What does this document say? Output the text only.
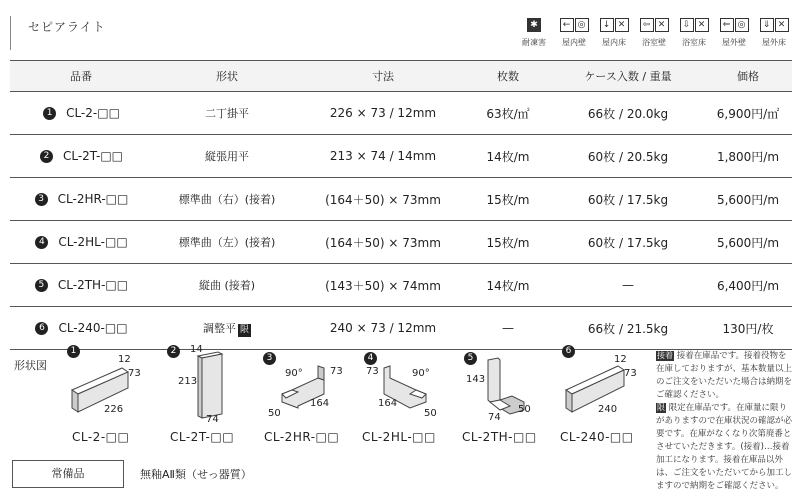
セピアライト	✱
耐凍害
← ◎
屋内壁
↓ ✕
屋内床
⇦ ✕
浴室壁
⇩ ✕
浴室床
⇐ ◎
屋外壁
⇓ ✕
屋外床
品番	形状	寸法	枚数	ケース入数 / 重量	価格
1 CL-2-□□	二丁掛平	226 × 73 / 12mm	63枚/㎡	66枚 / 20.0kg	6,900円/㎡
2 CL-2T-□□	縦張用平	213 × 74 / 14mm	14枚/m	60枚 / 20.5kg	1,800円/m
3 CL-2HR-□□	標準曲（右）(接着)	(164＋50) × 73mm	15枚/m	60枚 / 17.5kg	5,600円/m
4 CL-2HL-□□	標準曲（左）(接着)	(164＋50) × 73mm	15枚/m	60枚 / 17.5kg	5,600円/m
5 CL-2TH-□□	縦曲 (接着)	(143＋50) × 74mm	14枚/m	—	6,400円/m
6 CL-240-□□	調整平 限	240 × 73 / 12mm	—	66枚 / 21.5kg	130円/枚
形状図
1
12
73
226
CL-2-□□
2	14
213
74
CL-2T-□□
3
90°	73
50
164
CL-2HR-□□
4
73	90°
164
50
CL-2HL-□□
5
143
50
74
CL-2TH-□□
6
12
73
240
CL-240-□□
接着 接着在庫品です。接着役物を在庫しておりますが、基本数量以上のご注文をいただいた場合は納期をご確認ください。
限 限定在庫品です。在庫量に限りがありますので在庫状況の確認が必要です。在庫がなくなり次第廃番とさせていただきます。(接着)…接着加工になります。接着在庫品以外は、ご注文をいただいてから加工しますので納期をご確認ください。
常備品	無釉AⅡ類（せっ器質）
